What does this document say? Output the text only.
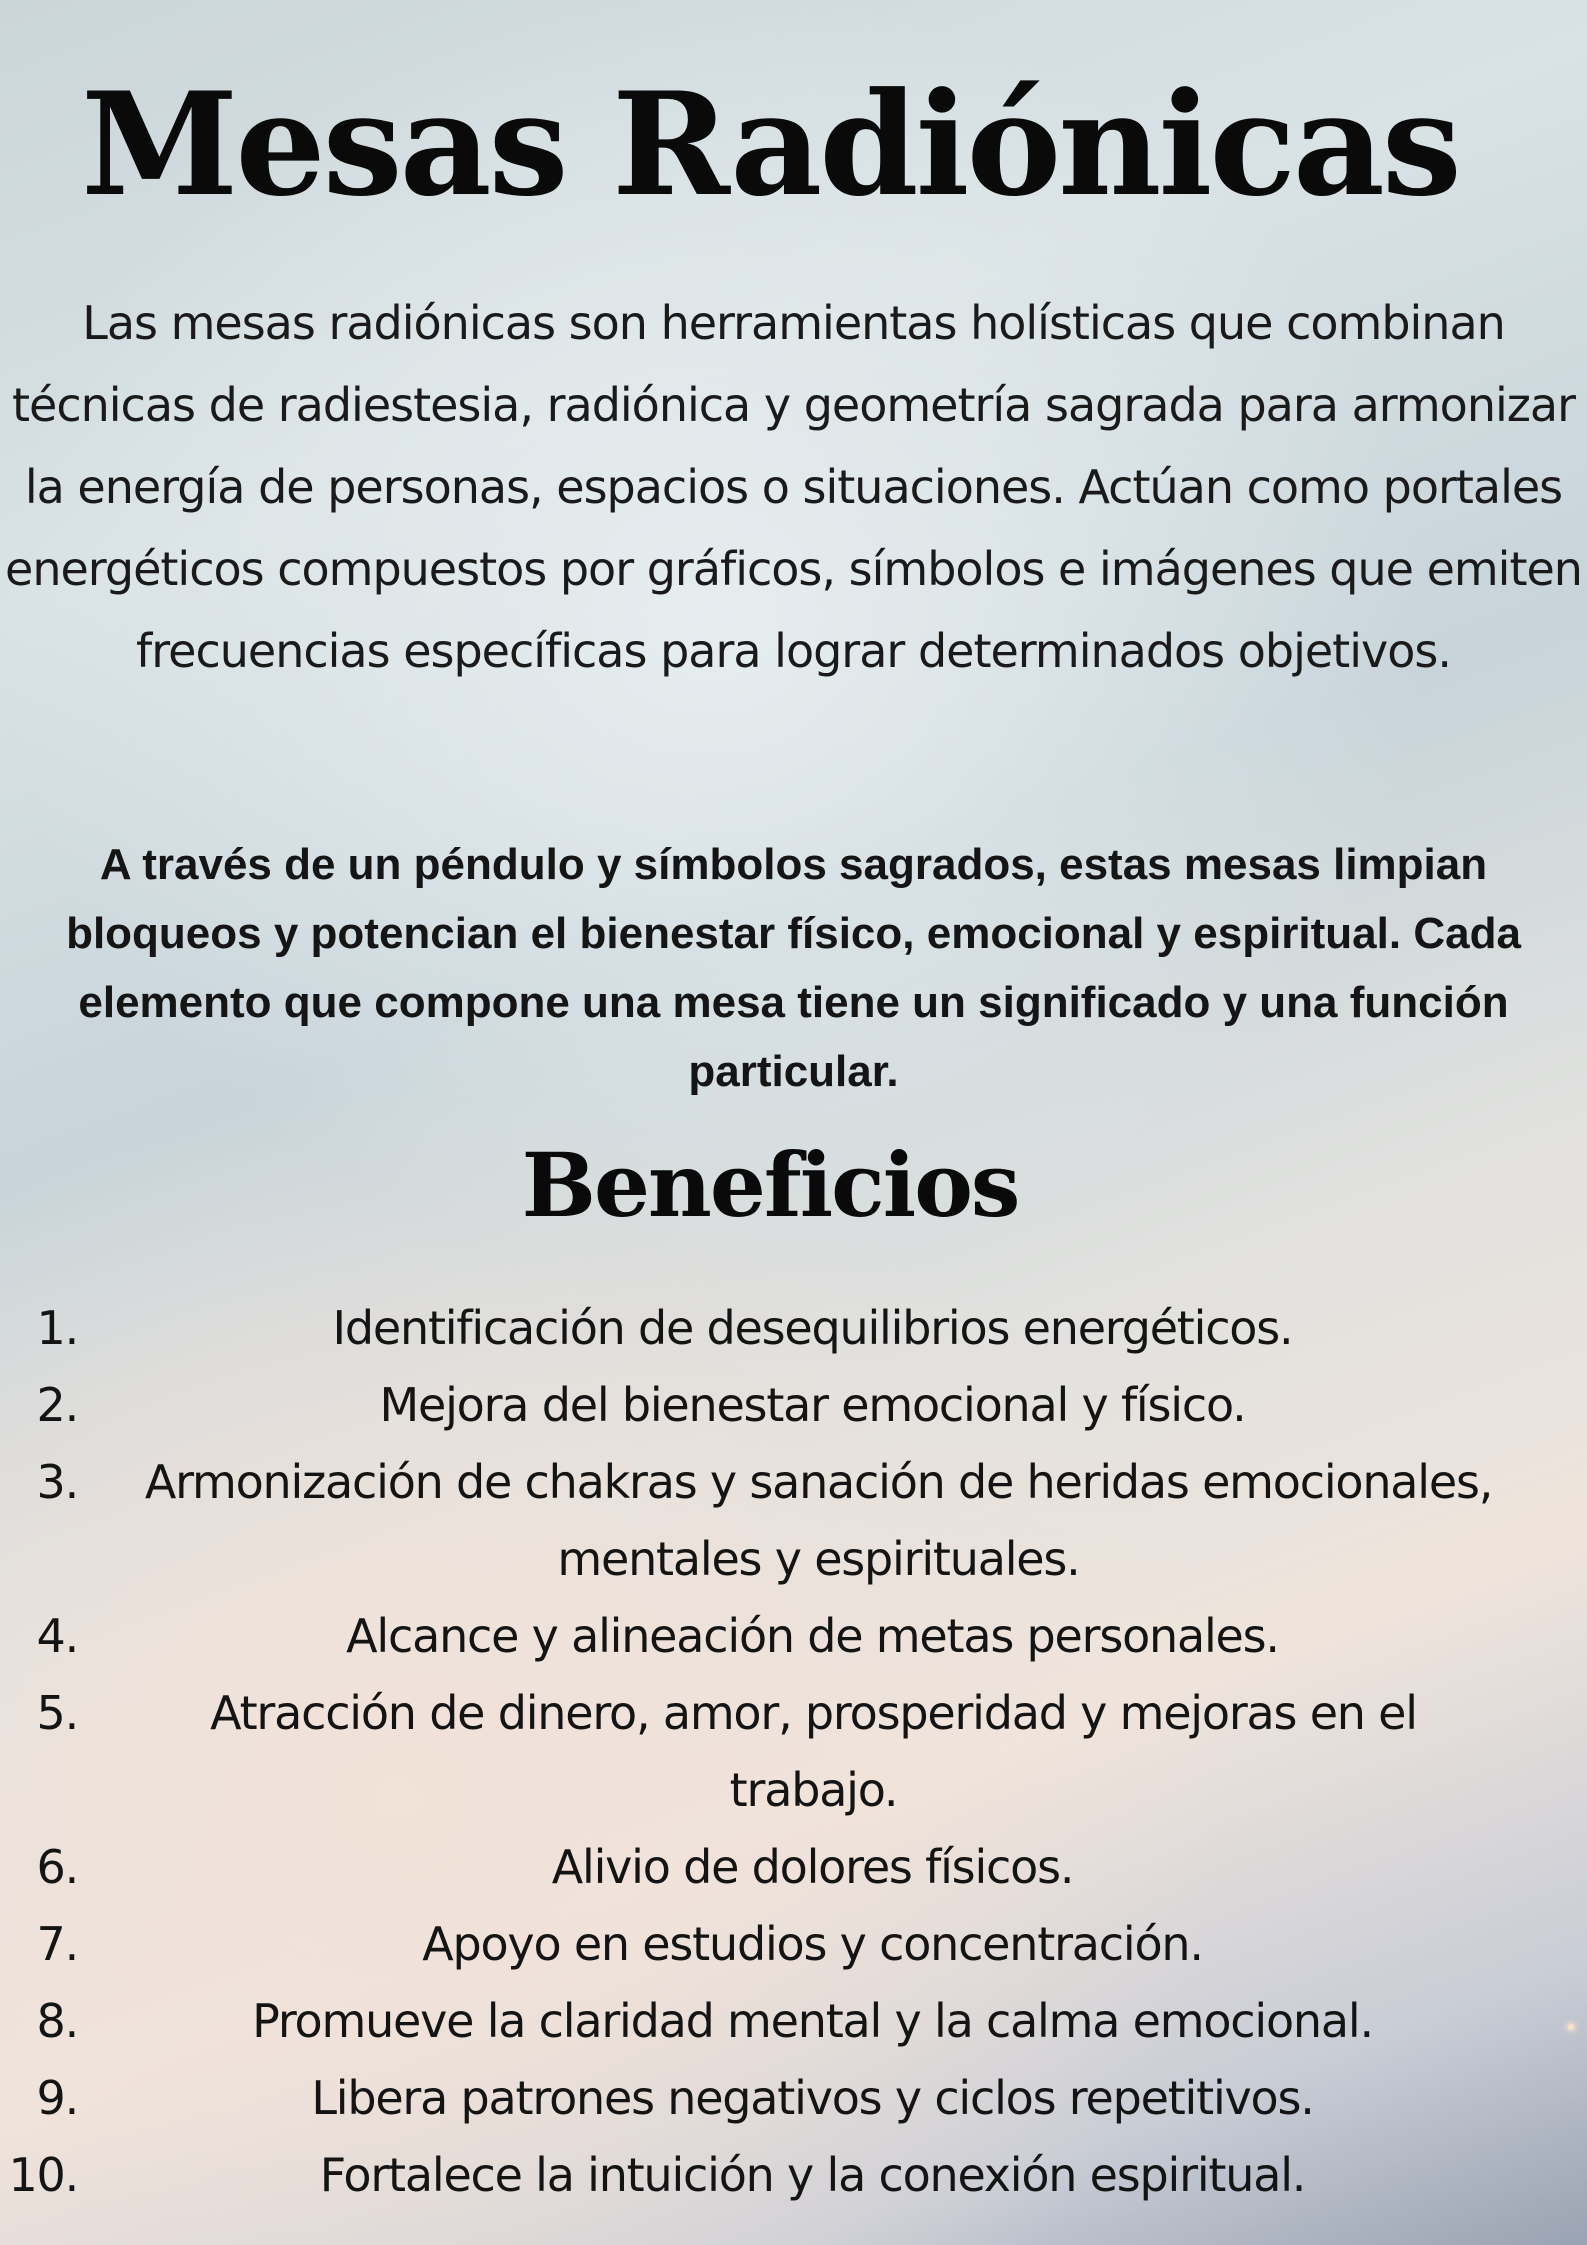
Mesas Radiónicas

Las mesas radiónicas son herramientas holísticas que combinan técnicas de radiestesia, radiónica y geometría sagrada para armonizar la energía de personas, espacios o situaciones. Actúan como portales energéticos compuestos por gráficos, símbolos e imágenes que emiten frecuencias específicas para lograr determinados objetivos.

A través de un péndulo y símbolos sagrados, estas mesas limpian bloqueos y potencian el bienestar físico, emocional y espiritual. Cada elemento que compone una mesa tiene un significado y una función particular.

Beneficios
1.	Identificación de desequilibrios energéticos.
2.	Mejora del bienestar emocional y físico.
3.	Armonización de chakras y sanación de heridas emocionales, mentales y espirituales.
4.	Alcance y alineación de metas personales.
5.	Atracción de dinero, amor, prosperidad y mejoras en el trabajo.
6.	Alivio de dolores físicos.
7.	Apoyo en estudios y concentración.
8.	Promueve la claridad mental y la calma emocional.
9.	Libera patrones negativos y ciclos repetitivos.
10.	Fortalece la intuición y la conexión espiritual.
